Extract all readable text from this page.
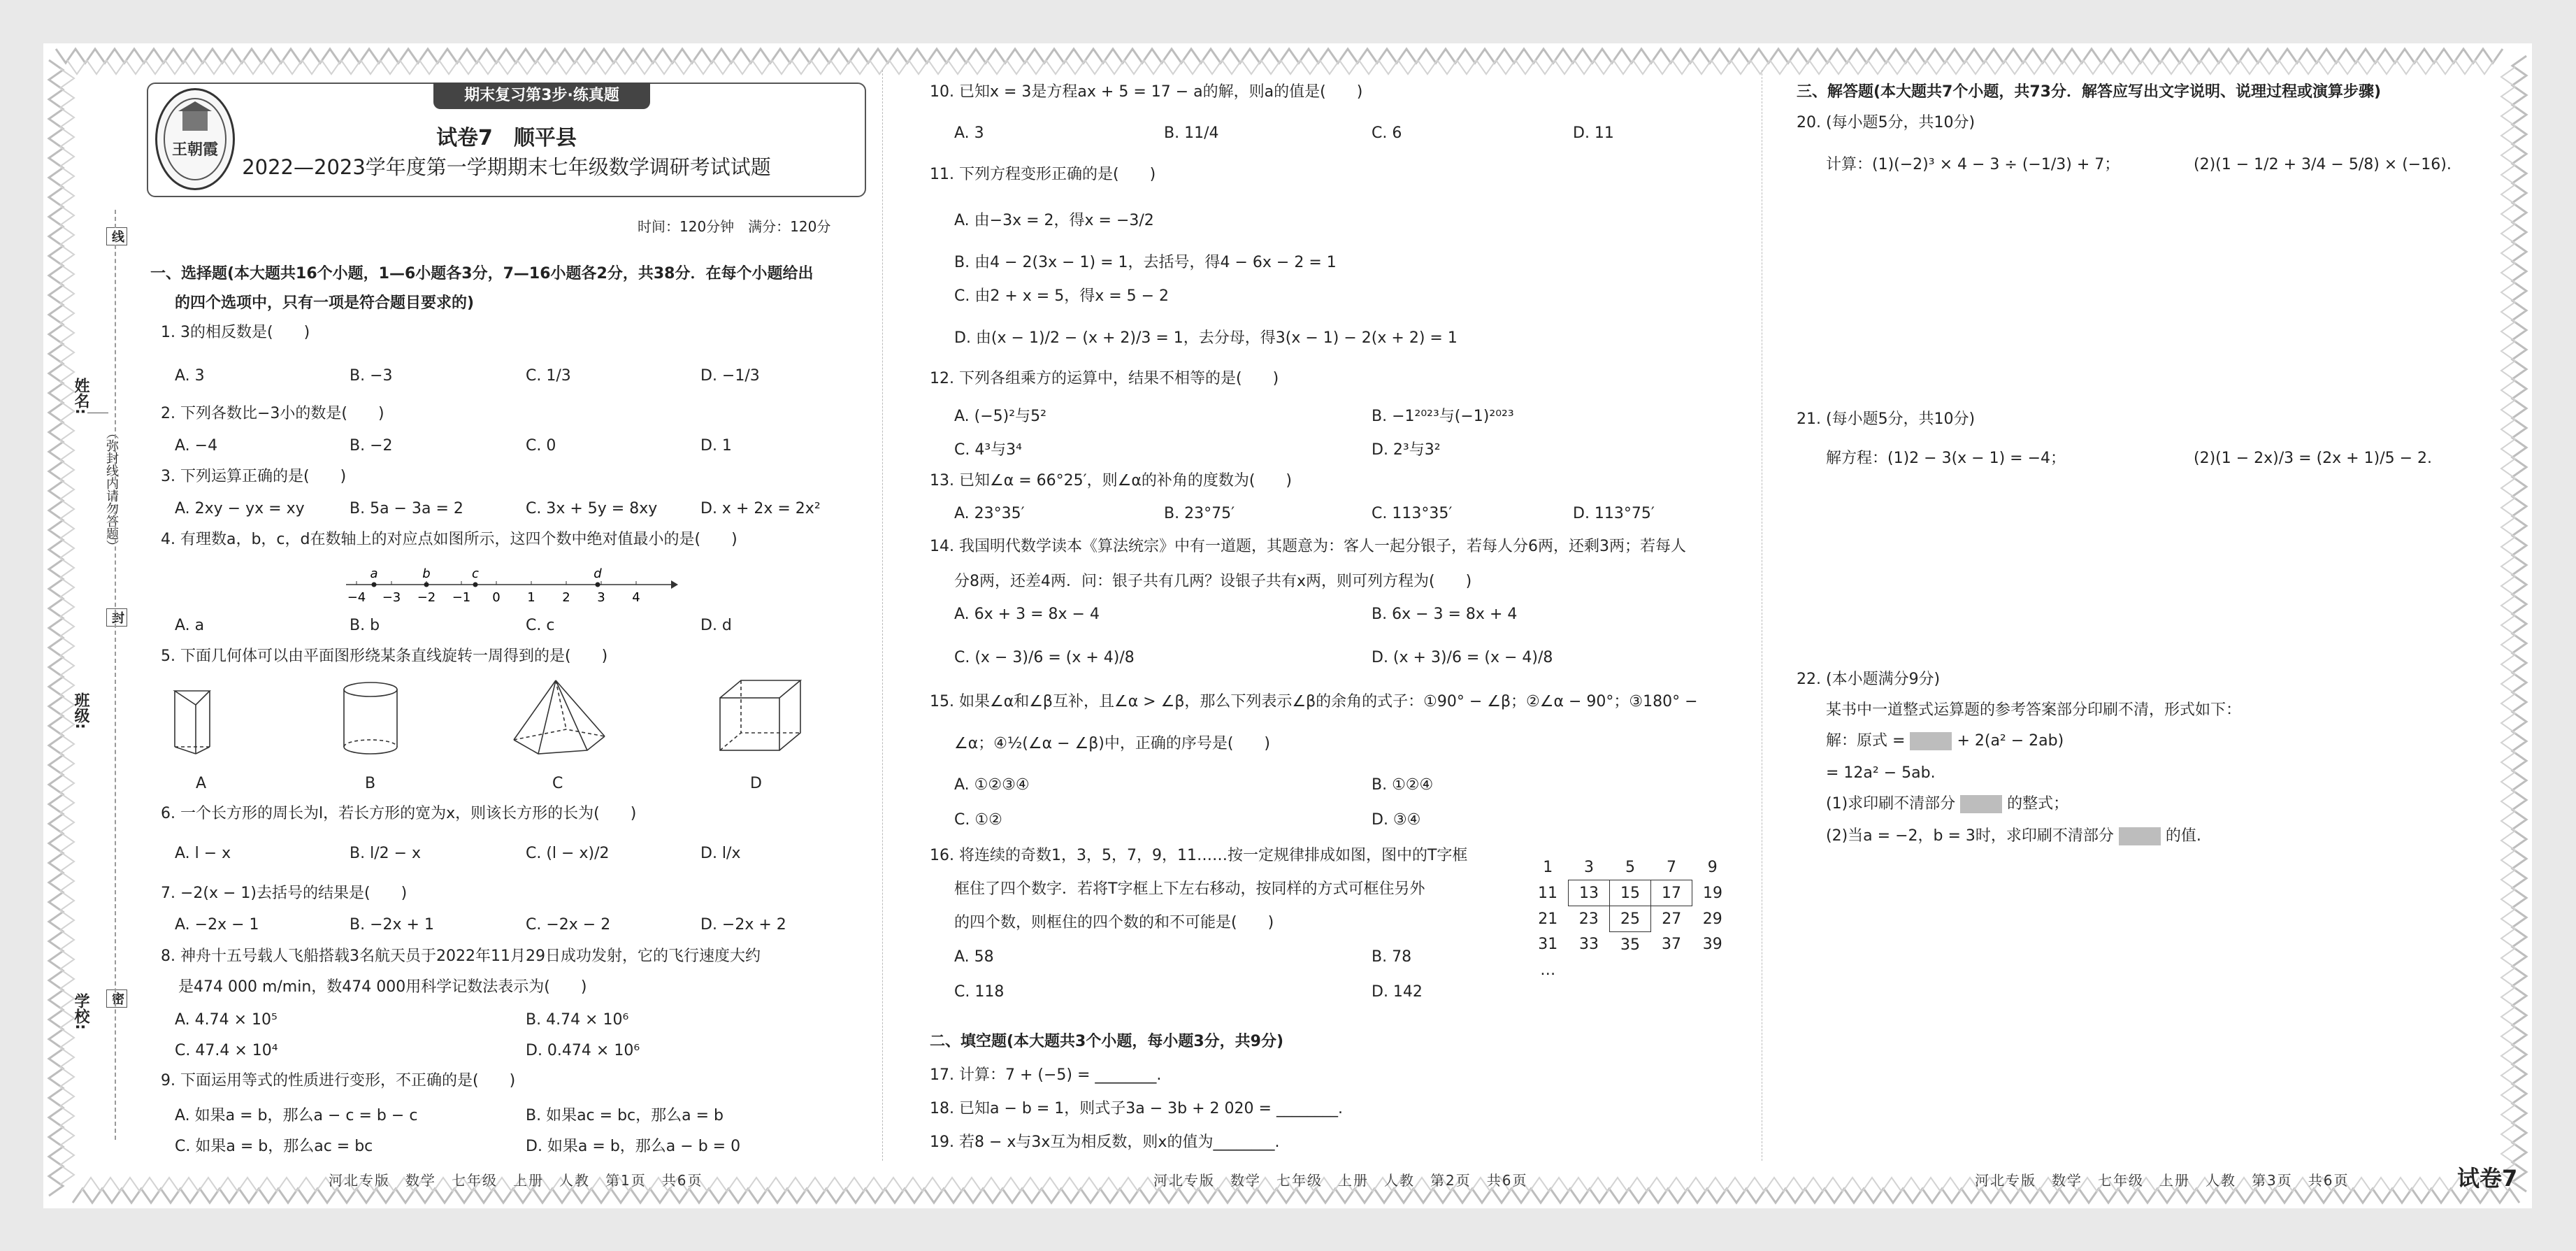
姓名:
班级:
学校:
（弥封线内请勿答题）
线
封
密
试卷7　顺平县
2022—2023学年度第一学期期末七年级数学调研考试试题
期末复习第3步·练真题
王朝霞
时间：120分钟　满分：120分
一、选择题(本大题共16个小题，1—6小题各3分，7—16小题各2分，共38分．在每个小题给出
的四个选项中，只有一项是符合题目要求的)
1. 3的相反数是(　　)
A. 3	B. −3	C. 1/3	D. −1/3
2. 下列各数比−3小的数是(　　)
A. −4	B. −2	C. 0	D. 1
3. 下列运算正确的是(　　)
A. 2xy − yx = xy	B. 5a − 3a = 2	C. 3x + 5y = 8xy	D. x + 2x = 2x²
4. 有理数a，b，c，d在数轴上的对应点如图所示，这四个数中绝对值最小的是(　　)
−4 −3 −2 −1 0 1 2 3 4
a	b	c	d
A. a	B. b	C. c	D. d
5. 下面几何体可以由平面图形绕某条直线旋转一周得到的是(　　)
A	B	C	D
6. 一个长方形的周长为l，若长方形的宽为x，则该长方形的长为(　　)
A. l − x	B. l/2 − x	C. (l − x)/2	D. l/x
7. −2(x − 1)去括号的结果是(　　)
A. −2x − 1	B. −2x + 1	C. −2x − 2	D. −2x + 2
8. 神舟十五号载人飞船搭载3名航天员于2022年11月29日成功发射，它的飞行速度大约
是474 000 m/min，数474 000用科学记数法表示为(　　)
A. 4.74 × 10⁵	B. 4.74 × 10⁶
C. 47.4 × 10⁴	D. 0.474 × 10⁶
9. 下面运用等式的性质进行变形，不正确的是(　　)
A. 如果a = b，那么a − c = b − c	B. 如果ac = bc，那么a = b
C. 如果a = b，那么ac = bc	D. 如果a = b，那么a − b = 0
河北专版　数学　七年级　上册　人教　第1页　共6页
10. 已知x = 3是方程ax + 5 = 17 − a的解，则a的值是(　　)
A. 3	B. 11/4	C. 6	D. 11
11. 下列方程变形正确的是(　　)
A. 由−3x = 2，得x = −3/2
B. 由4 − 2(3x − 1) = 1，去括号，得4 − 6x − 2 = 1
C. 由2 + x = 5，得x = 5 − 2
D. 由(x − 1)/2 − (x + 2)/3 = 1，去分母，得3(x − 1) − 2(x + 2) = 1
12. 下列各组乘方的运算中，结果不相等的是(　　)
A. (−5)²与5²	B. −1²⁰²³与(−1)²⁰²³
C. 4³与3⁴	D. 2³与3²
13. 已知∠α = 66°25′，则∠α的补角的度数为(　　)
A. 23°35′	B. 23°75′	C. 113°35′	D. 113°75′
14. 我国明代数学读本《算法统宗》中有一道题，其题意为：客人一起分银子，若每人分6两，还剩3两；若每人
分8两，还差4两．问：银子共有几两？设银子共有x两，则可列方程为(　　)
A. 6x + 3 = 8x − 4	B. 6x − 3 = 8x + 4
C. (x − 3)/6 = (x + 4)/8	D. (x + 3)/6 = (x − 4)/8
15. 如果∠α和∠β互补，且∠α > ∠β，那么下列表示∠β的余角的式子：①90° − ∠β；②∠α − 90°；③180° −
∠α；④½(∠α − ∠β)中，正确的序号是(　　)
A. ①②③④	B. ①②④
C. ①②	D. ③④
16. 将连续的奇数1，3，5，7，9，11……按一定规律排成如图，图中的T字框
框住了四个数字．若将T字框上下左右移动，按同样的方式可框住另外
的四个数，则框住的四个数的和不可能是(　　)
A. 58	B. 78
C. 118	D. 142
1	3	5	7	9
11	13	15	17	19
21	23	25	27	29
31	33	35	37	39
…				
二、填空题(本大题共3个小题，每小题3分，共9分)
17. 计算：7 + (−5) = ________.
18. 已知a − b = 1，则式子3a − 3b + 2 020 = ________.
19. 若8 − x与3x互为相反数，则x的值为________.
河北专版　数学　七年级　上册　人教　第2页　共6页
三、解答题(本大题共7个小题，共73分．解答应写出文字说明、说理过程或演算步骤)
20. (每小题5分，共10分)
计算：(1)(−2)³ × 4 − 3 ÷ (−1/3) + 7；	(2)(1 − 1/2 + 3/4 − 5/8) × (−16).
21. (每小题5分，共10分)
解方程：(1)2 − 3(x − 1) = −4；	(2)(1 − 2x)/3 = (2x + 1)/5 − 2.
22. (本小题满分9分)
某书中一道整式运算题的参考答案部分印刷不清，形式如下：
解：原式 =	+ 2(a² − 2ab)
= 12a² − 5ab.
(1)求印刷不清部分	的整式；
(2)当a = −2，b = 3时，求印刷不清部分	的值.
河北专版　数学　七年级　上册　人教　第3页　共6页	试卷7
